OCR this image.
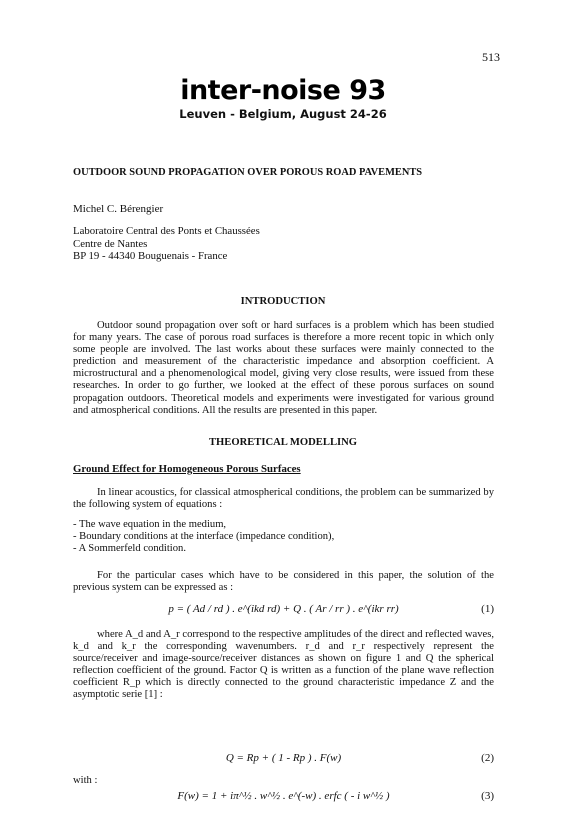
513
inter-noise 93
Leuven - Belgium, August 24-26
OUTDOOR SOUND PROPAGATION OVER POROUS ROAD PAVEMENTS
Michel C. Bérengier
Laboratoire Central des Ponts et Chaussées
Centre de Nantes
BP 19 - 44340 Bouguenais - France
INTRODUCTION

Outdoor sound propagation over soft or hard surfaces is a problem which has been studied for many years. The case of porous road surfaces is therefore a more recent topic in which only some people are involved. The last works about these surfaces were mainly connected to the prediction and measurement of the characteristic impedance and absorption coefficient. A microstructural and a phenomenological model, giving very close results, were issued from these researches. In order to go further, we looked at the effect of these porous surfaces on sound propagation outdoors. Theoretical models and experiments were investigated for various ground and atmospherical conditions. All the results are presented in this paper.

THEORETICAL MODELLING
Ground Effect for Homogeneous Porous Surfaces

In linear acoustics, for classical atmospherical conditions, the problem can be summarized by the following system of equations :

- The wave equation in the medium,
- Boundary conditions at the interface (impedance condition),
- A Sommerfeld condition.

For the particular cases which have to be considered in this paper, the solution of the previous system can be expressed as :

p = ( Ad / rd ) . e^(ikd rd) + Q . ( Ar / rr ) . e^(ikr rr)	(1)

where A_d and A_r correspond to the respective amplitudes of the direct and reflected waves, k_d and k_r the corresponding wavenumbers. r_d and r_r respectively represent the source/receiver and image-source/receiver distances as shown on figure 1 and Q the spherical reflection coefficient of the ground. Factor Q is written as a function of the plane wave reflection coefficient R_p which is directly connected to the ground characteristic impedance Z and the asymptotic serie [1] :

Q = Rp + ( 1 - Rp ) . F(w)	(2)
with :
F(w) = 1 + iπ^½ . w^½ . e^(-w) . erfc ( - i w^½ )	(3)
